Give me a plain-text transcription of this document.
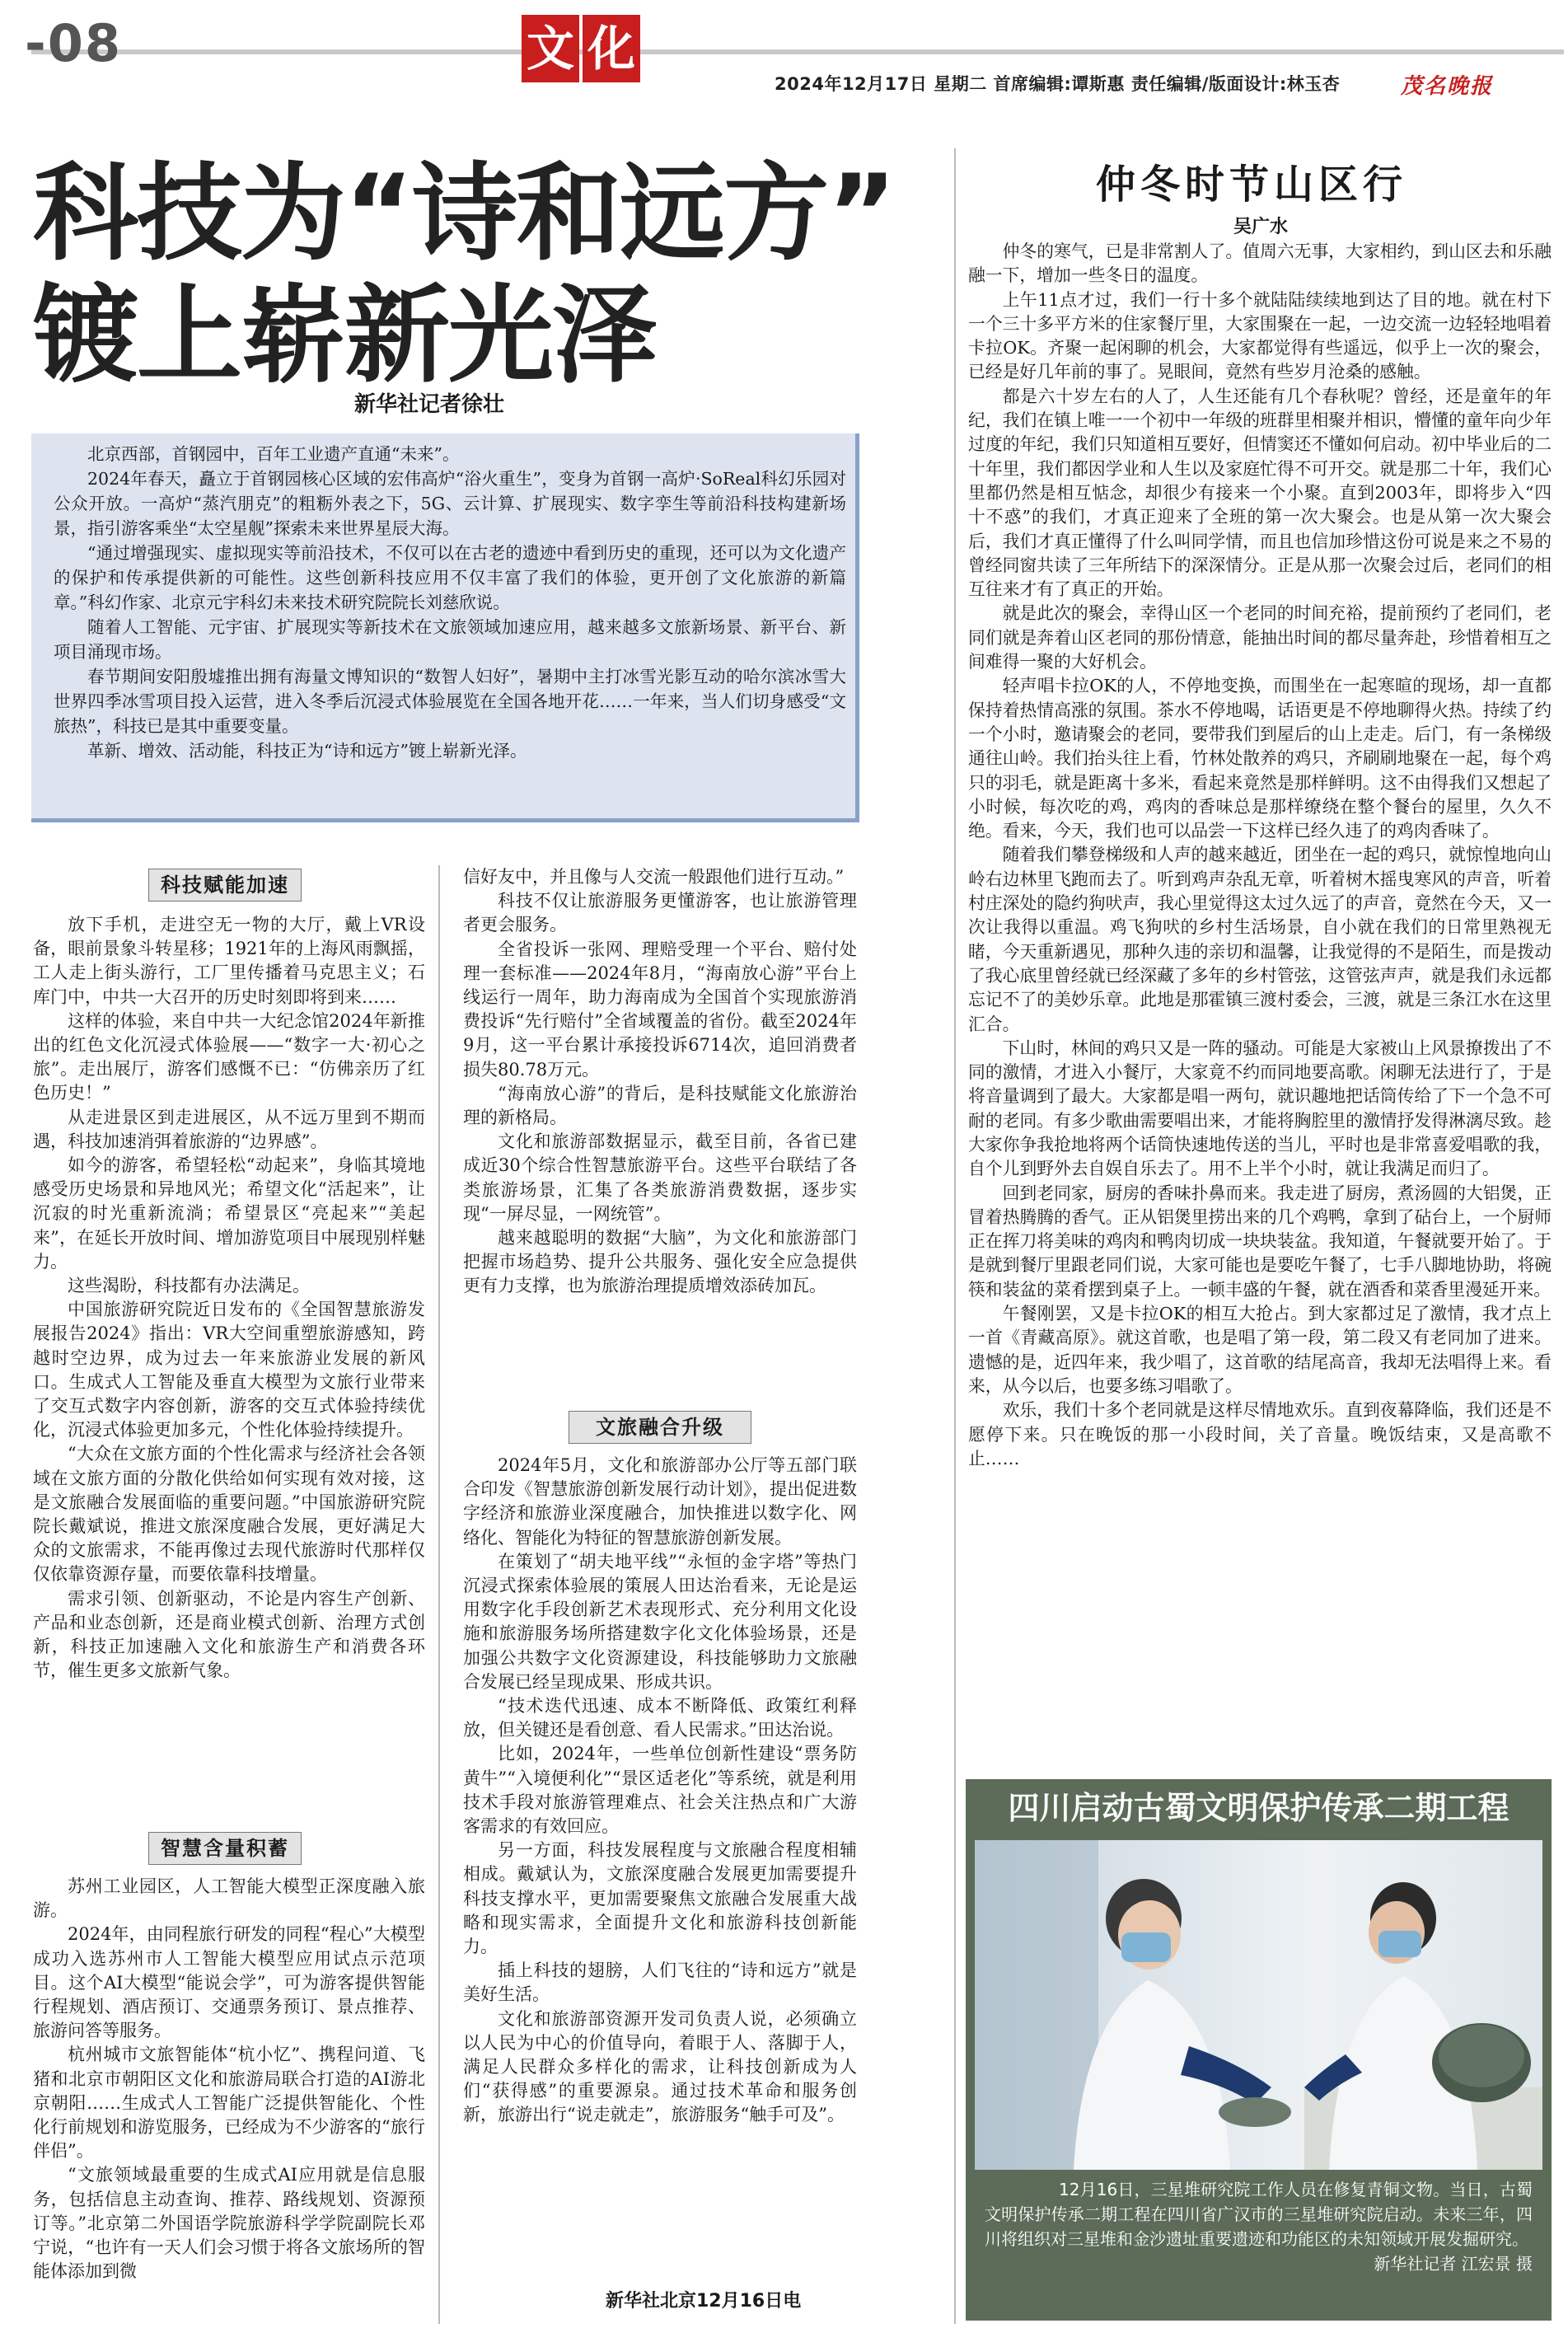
-08	文 化
2024年12月17日 星期二 首席编辑:谭斯惠 责任编辑/版面设计:林玉杏	茂名晚报
科技为“诗和远方”
镀上崭新光泽
新华社记者徐壮

北京西部，首钢园中，百年工业遗产直通“未来”。

2024年春天，矗立于首钢园核心区域的宏伟高炉“浴火重生”，变身为首钢一高炉·SoReal科幻乐园对公众开放。一高炉“蒸汽朋克”的粗粝外表之下，5G、云计算、扩展现实、数字孪生等前沿科技构建新场景，指引游客乘坐“太空星舰”探索未来世界星辰大海。

“通过增强现实、虚拟现实等前沿技术，不仅可以在古老的遗迹中看到历史的重现，还可以为文化遗产的保护和传承提供新的可能性。这些创新科技应用不仅丰富了我们的体验，更开创了文化旅游的新篇章。”科幻作家、北京元宇科幻未来技术研究院院长刘慈欣说。

随着人工智能、元宇宙、扩展现实等新技术在文旅领域加速应用，越来越多文旅新场景、新平台、新项目涌现市场。

春节期间安阳殷墟推出拥有海量文博知识的“数智人妇好”，暑期中主打冰雪光影互动的哈尔滨冰雪大世界四季冰雪项目投入运营，进入冬季后沉浸式体验展览在全国各地开花……一年来，当人们切身感受“文旅热”，科技已是其中重要变量。

革新、增效、活动能，科技正为“诗和远方”镀上崭新光泽。

科技赋能加速

放下手机，走进空无一物的大厅，戴上VR设备，眼前景象斗转星移；1921年的上海风雨飘摇，工人走上街头游行，工厂里传播着马克思主义；石库门中，中共一大召开的历史时刻即将到来……

这样的体验，来自中共一大纪念馆2024年新推出的红色文化沉浸式体验展——“数字一大·初心之旅”。走出展厅，游客们感慨不已：“仿佛亲历了红色历史！”

从走进景区到走进展区，从不远万里到不期而遇，科技加速消弭着旅游的“边界感”。

如今的游客，希望轻松“动起来”，身临其境地感受历史场景和异地风光；希望文化“活起来”，让沉寂的时光重新流淌；希望景区“亮起来”“美起来”，在延长开放时间、增加游览项目中展现别样魅力。

这些渴盼，科技都有办法满足。

中国旅游研究院近日发布的《全国智慧旅游发展报告2024》指出：VR大空间重塑旅游感知，跨越时空边界，成为过去一年来旅游业发展的新风口。生成式人工智能及垂直大模型为文旅行业带来了交互式数字内容创新，游客的交互式体验持续优化，沉浸式体验更加多元，个性化体验持续提升。

“大众在文旅方面的个性化需求与经济社会各领域在文旅方面的分散化供给如何实现有效对接，这是文旅融合发展面临的重要问题。”中国旅游研究院院长戴斌说，推进文旅深度融合发展，更好满足大众的文旅需求，不能再像过去现代旅游时代那样仅仅依靠资源存量，而要依靠科技增量。

需求引领、创新驱动，不论是内容生产创新、产品和业态创新，还是商业模式创新、治理方式创新，科技正加速融入文化和旅游生产和消费各环节，催生更多文旅新气象。

智慧含量积蓄

苏州工业园区，人工智能大模型正深度融入旅游。

2024年，由同程旅行研发的同程“程心”大模型成功入选苏州市人工智能大模型应用试点示范项目。这个AI大模型“能说会学”，可为游客提供智能行程规划、酒店预订、交通票务预订、景点推荐、旅游问答等服务。

杭州城市文旅智能体“杭小忆”、携程问道、飞猪和北京市朝阳区文化和旅游局联合打造的AI游北京朝阳……生成式人工智能广泛提供智能化、个性化行前规划和游览服务，已经成为不少游客的“旅行伴侣”。

“文旅领域最重要的生成式AI应用就是信息服务，包括信息主动查询、推荐、路线规划、资源预订等。”北京第二外国语学院旅游科学学院副院长邓宁说，“也许有一天人们会习惯于将各文旅场所的智能体添加到微

信好友中，并且像与人交流一般跟他们进行互动。”

科技不仅让旅游服务更懂游客，也让旅游管理者更会服务。

全省投诉一张网、理赔受理一个平台、赔付处理一套标准——2024年8月，“海南放心游”平台上线运行一周年，助力海南成为全国首个实现旅游消费投诉“先行赔付”全省域覆盖的省份。截至2024年9月，这一平台累计承接投诉6714次，追回消费者损失80.78万元。

“海南放心游”的背后，是科技赋能文化旅游治理的新格局。

文化和旅游部数据显示，截至目前，各省已建成近30个综合性智慧旅游平台。这些平台联结了各类旅游场景，汇集了各类旅游消费数据，逐步实现“一屏尽显，一网统管”。

越来越聪明的数据“大脑”，为文化和旅游部门把握市场趋势、提升公共服务、强化安全应急提供更有力支撑，也为旅游治理提质增效添砖加瓦。

文旅融合升级

2024年5月，文化和旅游部办公厅等五部门联合印发《智慧旅游创新发展行动计划》，提出促进数字经济和旅游业深度融合，加快推进以数字化、网络化、智能化为特征的智慧旅游创新发展。

在策划了“胡夫地平线”“永恒的金字塔”等热门沉浸式探索体验展的策展人田达治看来，无论是运用数字化手段创新艺术表现形式、充分利用文化设施和旅游服务场所搭建数字化文化体验场景，还是加强公共数字文化资源建设，科技能够助力文旅融合发展已经呈现成果、形成共识。

“技术迭代迅速、成本不断降低、政策红利释放，但关键还是看创意、看人民需求。”田达治说。

比如，2024年，一些单位创新性建设“票务防黄牛”“入境便利化”“景区适老化”等系统，就是利用技术手段对旅游管理难点、社会关注热点和广大游客需求的有效回应。

另一方面，科技发展程度与文旅融合程度相辅相成。戴斌认为，文旅深度融合发展更加需要提升科技支撑水平，更加需要聚焦文旅融合发展重大战略和现实需求，全面提升文化和旅游科技创新能力。

插上科技的翅膀，人们飞往的“诗和远方”就是美好生活。

文化和旅游部资源开发司负责人说，必须确立以人民为中心的价值导向，着眼于人、落脚于人，满足人民群众多样化的需求，让科技创新成为人们“获得感”的重要源泉。通过技术革命和服务创新，旅游出行“说走就走”，旅游服务“触手可及”。

新华社北京12月16日电
仲冬时节山区行
吴广水

仲冬的寒气，已是非常割人了。值周六无事，大家相约，到山区去和乐融融一下，增加一些冬日的温度。

上午11点才过，我们一行十多个就陆陆续续地到达了目的地。就在村下一个三十多平方米的住家餐厅里，大家围聚在一起，一边交流一边轻轻地唱着卡拉OK。齐聚一起闲聊的机会，大家都觉得有些遥远，似乎上一次的聚会，已经是好几年前的事了。晃眼间，竟然有些岁月沧桑的感触。

都是六十岁左右的人了，人生还能有几个春秋呢？曾经，还是童年的年纪，我们在镇上唯一一个初中一年级的班群里相聚并相识，懵懂的童年向少年过度的年纪，我们只知道相互要好，但情窦还不懂如何启动。初中毕业后的二十年里，我们都因学业和人生以及家庭忙得不可开交。就是那二十年，我们心里都仍然是相互惦念，却很少有接来一个小聚。直到2003年，即将步入“四十不惑”的我们，才真正迎来了全班的第一次大聚会。也是从第一次大聚会后，我们才真正懂得了什么叫同学情，而且也信加珍惜这份可说是来之不易的曾经同窗共读了三年所结下的深深情分。正是从那一次聚会过后，老同们的相互往来才有了真正的开始。

就是此次的聚会，幸得山区一个老同的时间充裕，提前预约了老同们，老同们就是奔着山区老同的那份情意，能抽出时间的都尽量奔赴，珍惜着相互之间难得一聚的大好机会。

轻声唱卡拉OK的人，不停地变换，而围坐在一起寒暄的现场，却一直都保持着热情高涨的氛围。茶水不停地喝，话语更是不停地聊得火热。持续了约一个小时，邀请聚会的老同，要带我们到屋后的山上走走。后门，有一条梯级通往山岭。我们抬头往上看，竹林处散养的鸡只，齐刷刷地聚在一起，每个鸡只的羽毛，就是距离十多米，看起来竟然是那样鲜明。这不由得我们又想起了小时候，每次吃的鸡，鸡肉的香味总是那样缭绕在整个餐台的屋里，久久不绝。看来，今天，我们也可以品尝一下这样已经久违了的鸡肉香味了。

随着我们攀登梯级和人声的越来越近，团坐在一起的鸡只，就惊惶地向山岭右边林里飞跑而去了。听到鸡声杂乱无章，听着树木摇曳寒风的声音，听着村庄深处的隐约狗吠声，我心里觉得这太过久远了的声音，竟然在今天，又一次让我得以重温。鸡飞狗吠的乡村生活场景，自小就在我们的日常里熟视无睹，今天重新遇见，那种久违的亲切和温馨，让我觉得的不是陌生，而是拨动了我心底里曾经就已经深藏了多年的乡村管弦，这管弦声声，就是我们永远都忘记不了的美妙乐章。此地是那霍镇三渡村委会，三渡，就是三条江水在这里汇合。

下山时，林间的鸡只又是一阵的骚动。可能是大家被山上风景撩拨出了不同的激情，才进入小餐厅，大家竟不约而同地要高歌。闲聊无法进行了，于是将音量调到了最大。大家都是唱一两句，就识趣地把话筒传给了下一个急不可耐的老同。有多少歌曲需要唱出来，才能将胸腔里的激情抒发得淋漓尽致。趁大家你争我抢地将两个话筒快速地传送的当儿，平时也是非常喜爱唱歌的我，自个儿到野外去自娱自乐去了。用不上半个小时，就让我满足而归了。

回到老同家，厨房的香味扑鼻而来。我走进了厨房，煮汤圆的大铝煲，正冒着热腾腾的香气。正从铝煲里捞出来的几个鸡鸭，拿到了砧台上，一个厨师正在挥刀将美味的鸡肉和鸭肉切成一块块装盆。我知道，午餐就要开始了。于是就到餐厅里跟老同们说，大家可能也是要吃午餐了，七手八脚地协助，将碗筷和装盆的菜肴摆到桌子上。一顿丰盛的午餐，就在酒香和菜香里漫延开来。

午餐刚罢，又是卡拉OK的相互大抢占。到大家都过足了激情，我才点上一首《青藏高原》。就这首歌，也是唱了第一段，第二段又有老同加了进来。遗憾的是，近四年来，我少唱了，这首歌的结尾高音，我却无法唱得上来。看来，从今以后，也要多练习唱歌了。

欢乐，我们十多个老同就是这样尽情地欢乐。直到夜幕降临，我们还是不愿停下来。只在晚饭的那一小段时间，关了音量。晚饭结束，又是高歌不止……

四川启动古蜀文明保护传承二期工程
12月16日，三星堆研究院工作人员在修复青铜文物。当日，古蜀文明保护传承二期工程在四川省广汉市的三星堆研究院启动。未来三年，四川将组织对三星堆和金沙遗址重要遗迹和功能区的未知领域开展发掘研究。
新华社记者 江宏景 摄
